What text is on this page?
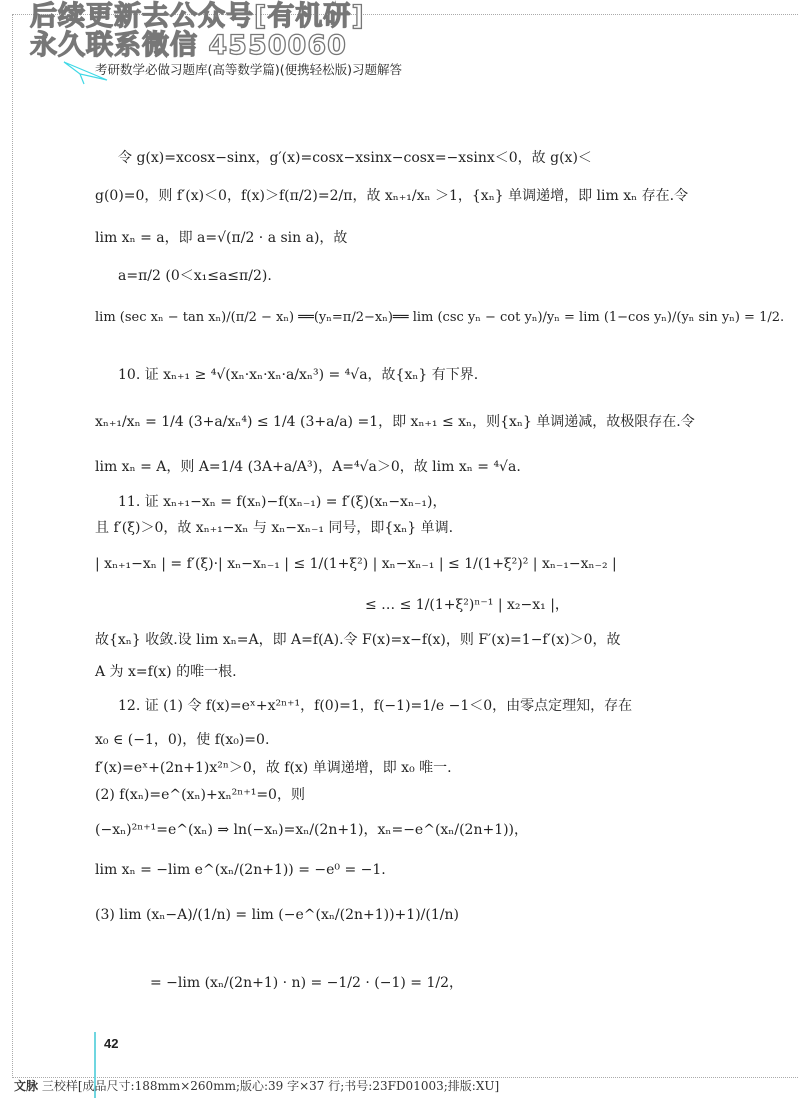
后续更新去公众号[有机研]
永久联系微信 4550060
考研数学必做习题库(高等数学篇)(便携轻松版)习题解答
令 g(x)=xcosx−sinx，g′(x)=cosx−xsinx−cosx=−xsinx＜0，故 g(x)＜
g(0)=0，则 f′(x)＜0，f(x)＞f(π/2)=2/π，故 xₙ₊₁/xₙ ＞1，{xₙ} 单调递增，即 lim xₙ 存在.令
lim xₙ = a，即 a=√(π/2 · a sin a)，故
a=π/2 (0＜x₁≤a≤π/2).
lim (sec xₙ − tan xₙ)/(π/2 − xₙ) ══(yₙ=π/2−xₙ)══ lim (csc yₙ − cot yₙ)/yₙ = lim (1−cos yₙ)/(yₙ sin yₙ) = 1/2.
10. 证 xₙ₊₁ ≥ ⁴√(xₙ·xₙ·xₙ·a/xₙ³) = ⁴√a，故{xₙ} 有下界.
xₙ₊₁/xₙ = 1/4 (3+a/xₙ⁴) ≤ 1/4 (3+a/a) =1，即 xₙ₊₁ ≤ xₙ，则{xₙ} 单调递减，故极限存在.令
lim xₙ = A，则 A=1/4 (3A+a/A³)，A=⁴√a＞0，故 lim xₙ = ⁴√a.
11. 证 xₙ₊₁−xₙ = f(xₙ)−f(xₙ₋₁) = f′(ξ)(xₙ−xₙ₋₁)，
且 f′(ξ)＞0，故 xₙ₊₁−xₙ 与 xₙ−xₙ₋₁ 同号，即{xₙ} 单调.
| xₙ₊₁−xₙ | = f′(ξ)·| xₙ−xₙ₋₁ | ≤ 1/(1+ξ²) | xₙ−xₙ₋₁ | ≤ 1/(1+ξ²)² | xₙ₋₁−xₙ₋₂ |
≤ … ≤ 1/(1+ξ²)ⁿ⁻¹ | x₂−x₁ |，
故{xₙ} 收敛.设 lim xₙ=A，即 A=f(A).令 F(x)=x−f(x)，则 F′(x)=1−f′(x)＞0，故
A 为 x=f(x) 的唯一根.
12. 证 (1) 令 f(x)=eˣ+x²ⁿ⁺¹，f(0)=1，f(−1)=1/e −1＜0，由零点定理知，存在
x₀ ∈ (−1，0)，使 f(x₀)=0.
f′(x)=eˣ+(2n+1)x²ⁿ＞0，故 f(x) 单调递增，即 x₀ 唯一.
(2) f(xₙ)=e^(xₙ)+xₙ²ⁿ⁺¹=0，则
(−xₙ)²ⁿ⁺¹=e^(xₙ) ⇒ ln(−xₙ)=xₙ/(2n+1)，xₙ=−e^(xₙ/(2n+1))，
lim xₙ = −lim e^(xₙ/(2n+1)) = −e⁰ = −1.
(3) lim (xₙ−A)/(1/n) = lim (−e^(xₙ/(2n+1))+1)/(1/n)
= −lim (xₙ/(2n+1) · n) = −1/2 · (−1) = 1/2，
42
文脉 三校样[成品尺寸:188mm×260mm;版心:39 字×37 行;书号:23FD01003;排版:XU]
